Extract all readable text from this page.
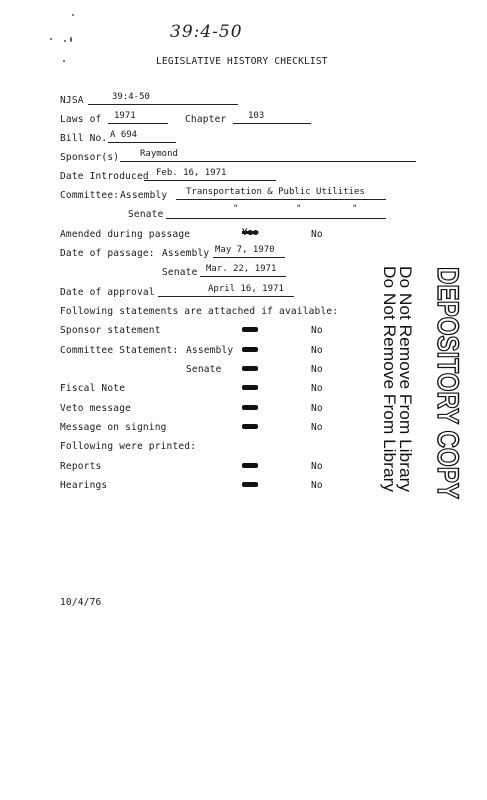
39:4-50
LEGISLATIVE HISTORY CHECKLIST
NJSA	39:4-50
Laws of 1971	Chapter 103
Bill No. A 694
Sponsor(s) Raymond
Date Introduced Feb. 16, 1971
Committee: Assembly Transportation & Public Utilities
Senate	"	"	"
Amended during passage	Yes	No
Date of passage: Assembly May 7, 1970
Senate Mar. 22, 1971
Date of approval	April 16, 1971
Following statements are attached if available:
Sponsor statement	No
Committee Statement: Assembly	No
Senate	No
Fiscal Note	No
Veto message	No
Message on signing	No
Following were printed:
Reports	No
Hearings	No
10/4/76
DEPOSITORY COPY
Do Not Remove From Library
Do Not Remove From Library
